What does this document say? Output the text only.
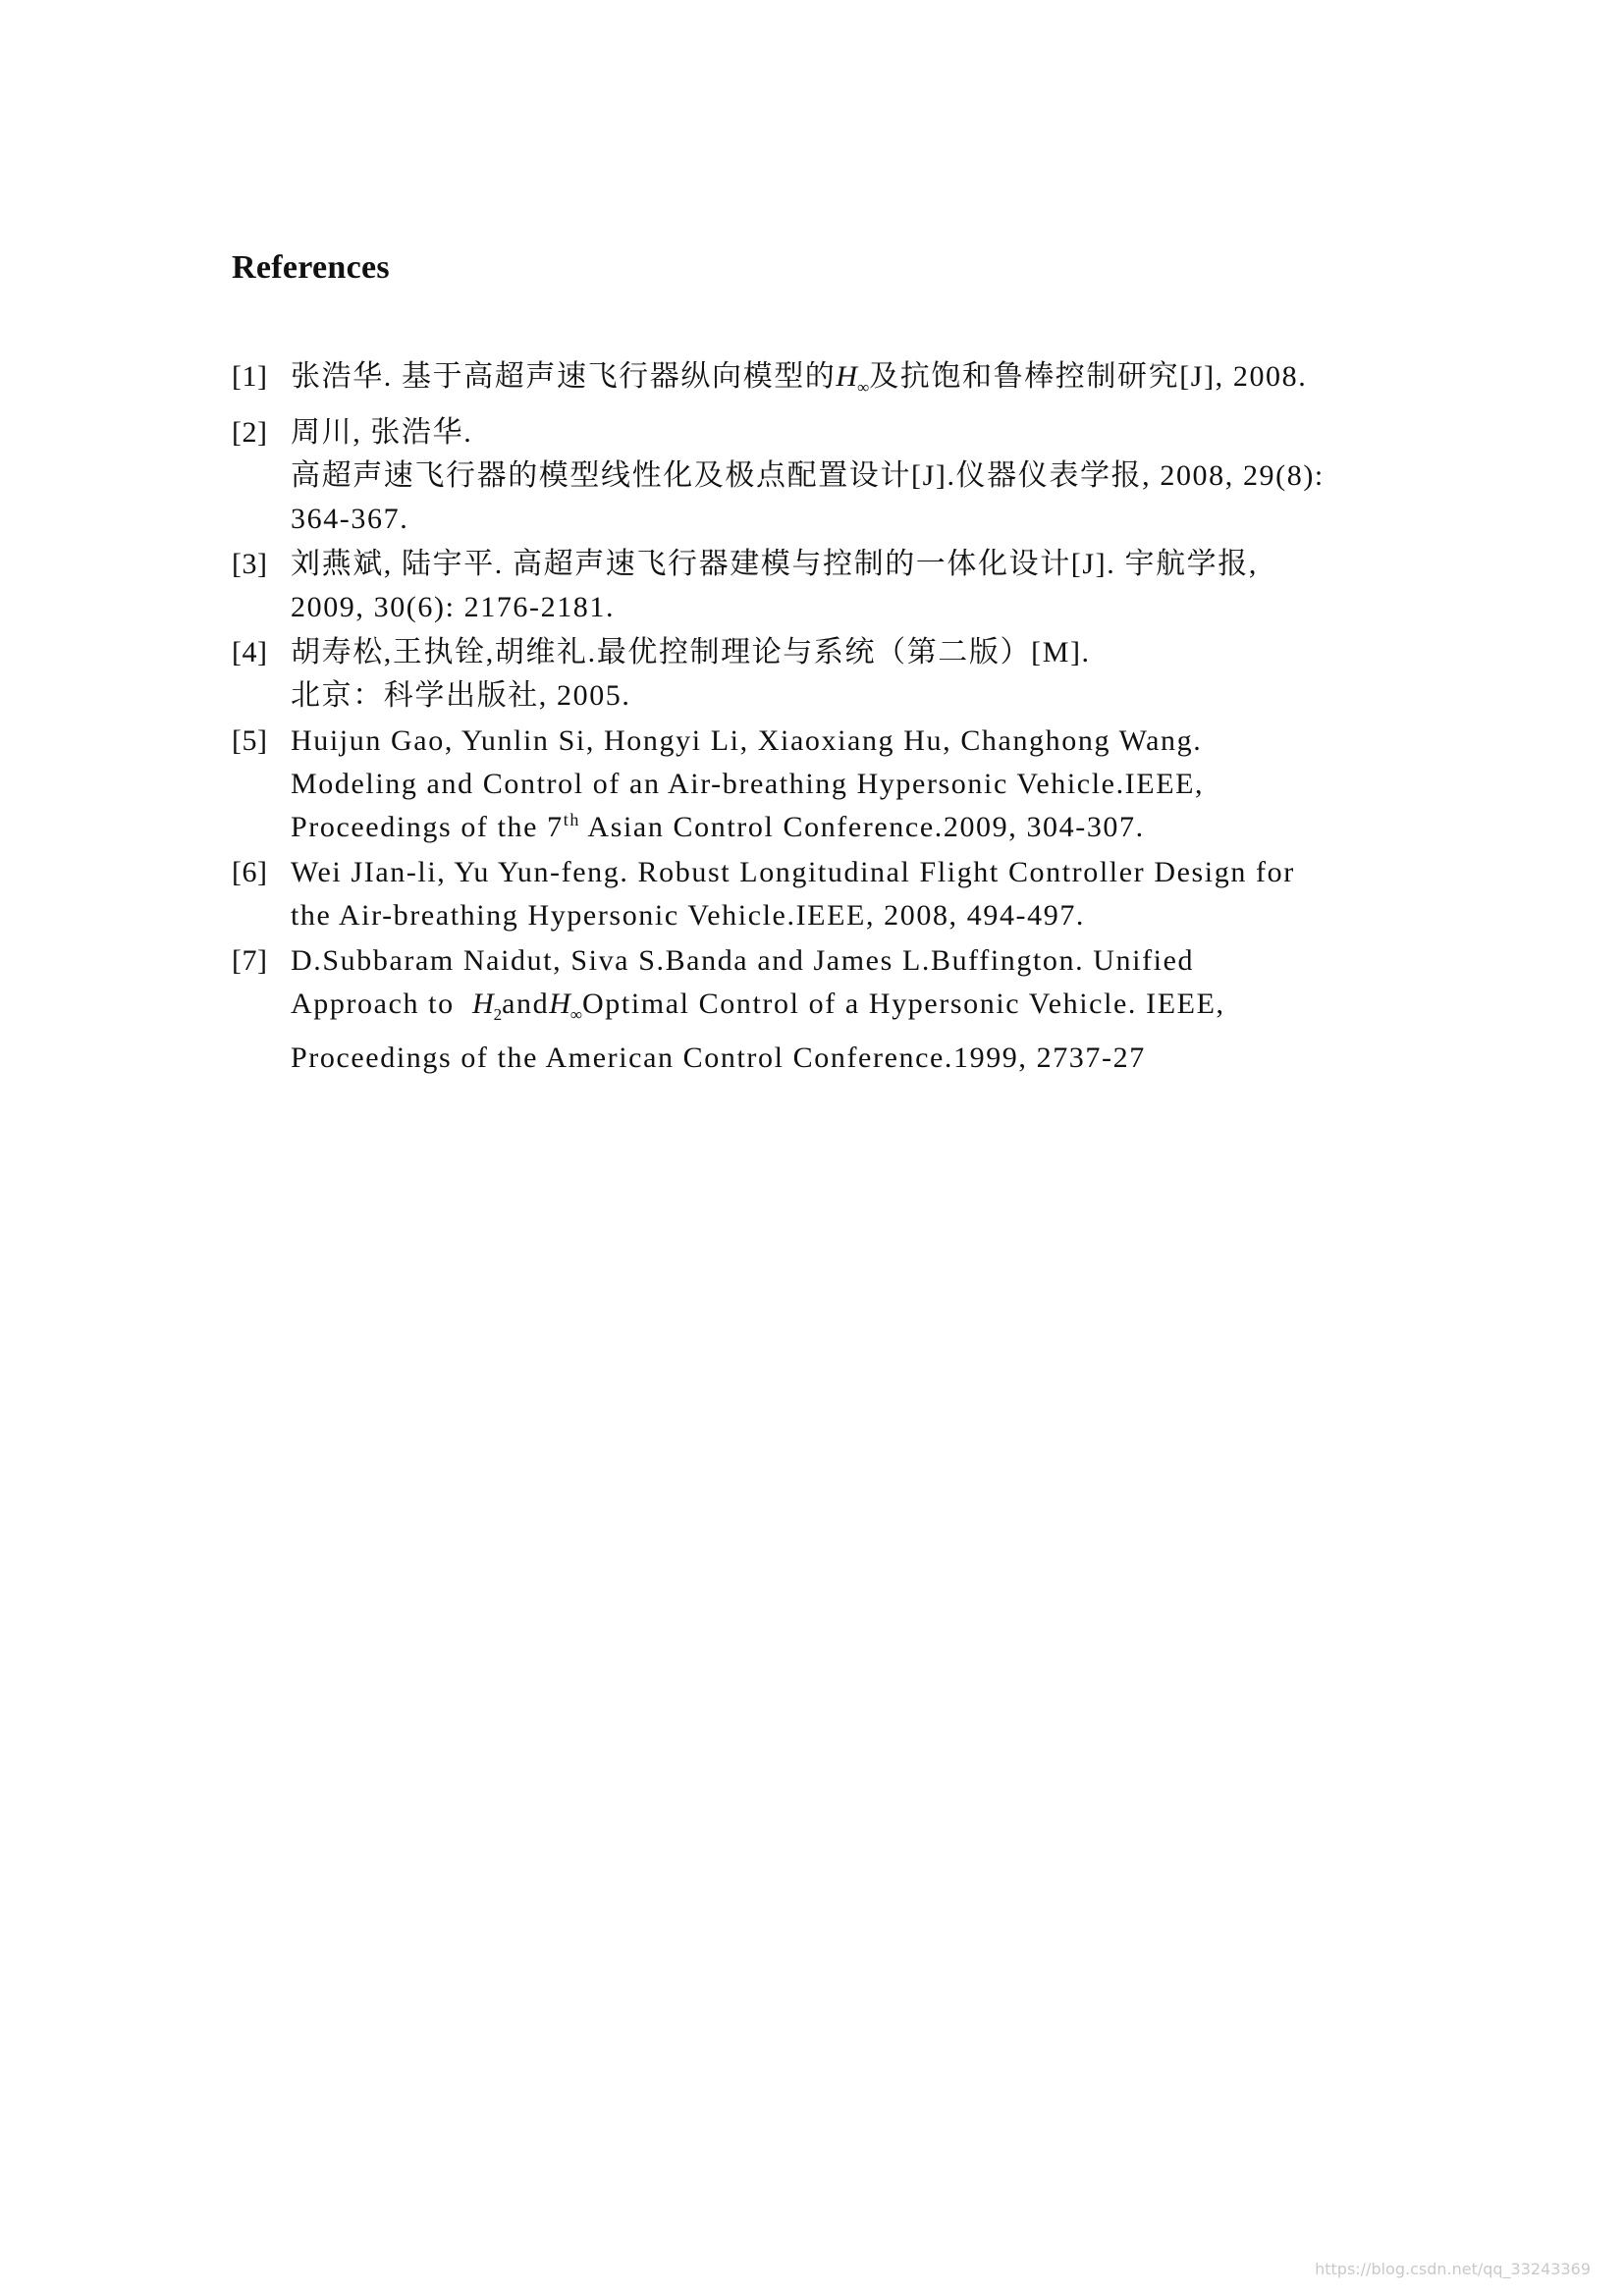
References
[1] 张浩华. 基于高超声速飞行器纵向模型的$H_\infty$及抗饱和鲁棒控制研究[J], 2008.
[2] 周川, 张浩华.
高超声速飞行器的模型线性化及极点配置设计[J].仪器仪表学报, 2008, 29(8):
364-367.
[3] 刘燕斌, 陆宇平. 高超声速飞行器建模与控制的一体化设计[J]. 宇航学报,
2009, 30(6): 2176-2181.
[4] 胡寿松,王执铨,胡维礼.最优控制理论与系统（第二版）[M].
北京：科学出版社, 2005.
[5] Huijun Gao, Yunlin Si, Hongyi Li, Xiaoxiang Hu, Changhong Wang.
Modeling and Control of an Air-breathing Hypersonic Vehicle.IEEE,
Proceedings of the 7th Asian Control Conference.2009, 304-307.
[6] Wei JIan-li, Yu Yun-feng. Robust Longitudinal Flight Controller Design for
the Air-breathing Hypersonic Vehicle.IEEE, 2008, 494-497.
[7] D.Subbaram Naidut, Siva S.Banda and James L.Buffington. Unified
Approach to $H_2andH_\infty Optimal$ Control of a Hypersonic Vehicle. IEEE,
Proceedings of the American Control Conference.1999, 2737-27
https://blog.csdn.net/qq_33243369
